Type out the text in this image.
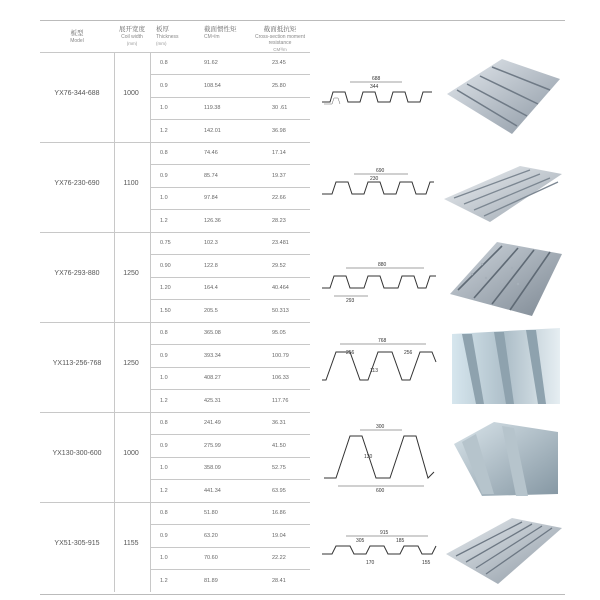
板型
Model
展开宽度
Coil width
(mm)
板厚
Thickness
(mm)
截面惯性矩
CM⁴/m
截面抵抗矩
Cross-section moment resistance
CM³/m
YX76-344-688	1000
0.8	91.62	23.45
0.9	108.54	25.80
1.0	119.38	30 .61
1.2	142.01	36.98
688
344
YX76-230-690	1100
0.8	74.46	17.14
0.9	85.74	19.37
1.0	97.84	22.66
1.2	126.36	28.23
690
230
YX76-293-880	1250
0.75	102.3	23.481
0.90	122.8	29.52
1.20	164.4	40.464
1.50	205.5	50.313
880
293
YX113-256-768	1250
0.8	365.08	95.05
0.9	393.34	100.79
1.0	408.27	106.33
1.2	425.31	117.76
768
256	256
113
YX130-300-600	1000
0.8	241.49	36.31
0.9	275.99	41.50
1.0	358.09	52.75
1.2	441.34	63.95
300
130
600
YX51-305-915	1155
0.8	51.80	16.86
0.9	63.20	19.04
1.0	70.60	22.22
1.2	81.89	28.41
915
305	185
170	155
